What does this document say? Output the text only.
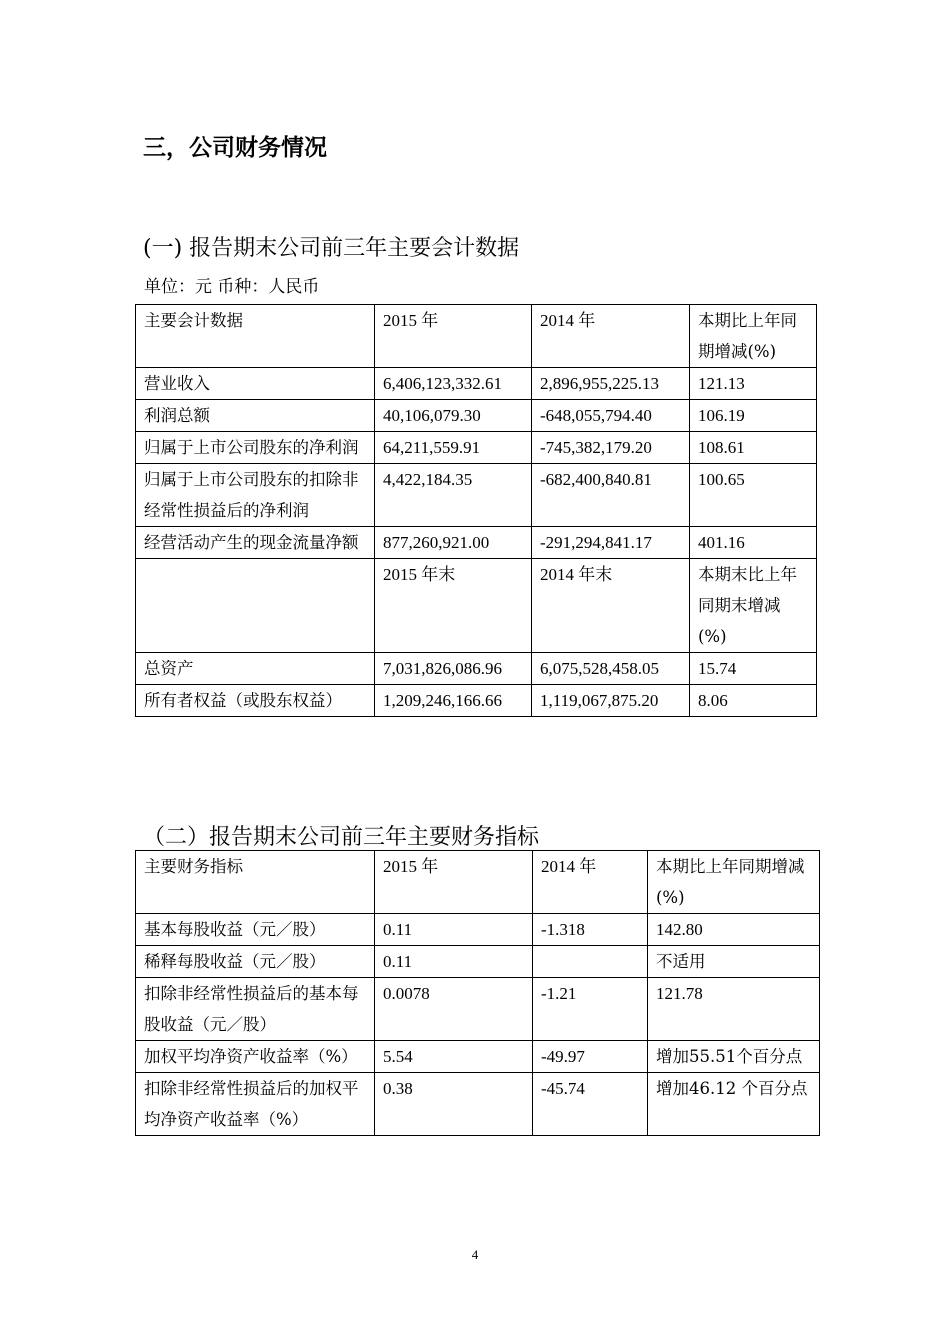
三，公司财务情况
(一) 报告期末公司前三年主要会计数据
单位：元 币种：人民币
主要会计数据	2015 年	2014 年	本期比上年同期增减(%)
营业收入	6,406,123,332.61	2,896,955,225.13	121.13
利润总额	40,106,079.30	-648,055,794.40	106.19
归属于上市公司股东的净利润	64,211,559.91	-745,382,179.20	108.61
归属于上市公司股东的扣除非经常性损益后的净利润	4,422,184.35	-682,400,840.81	100.65
经营活动产生的现金流量净额	877,260,921.00	-291,294,841.17	401.16
	2015 年末	2014 年末	本期末比上年同期末增减(%)
总资产	7,031,826,086.96	6,075,528,458.05	15.74
所有者权益（或股东权益）	1,209,246,166.66	1,119,067,875.20	8.06
（二）报告期末公司前三年主要财务指标
主要财务指标	2015 年	2014 年	本期比上年同期增减(%)
基本每股收益（元／股）	0.11	-1.318	142.80
稀释每股收益（元／股）	0.11		不适用
扣除非经常性损益后的基本每股收益（元／股）	0.0078	-1.21	121.78
加权平均净资产收益率（%）	5.54	-49.97	增加55.51个百分点
扣除非经常性损益后的加权平均净资产收益率（%）	0.38	-45.74	增加46.12 个百分点
4
